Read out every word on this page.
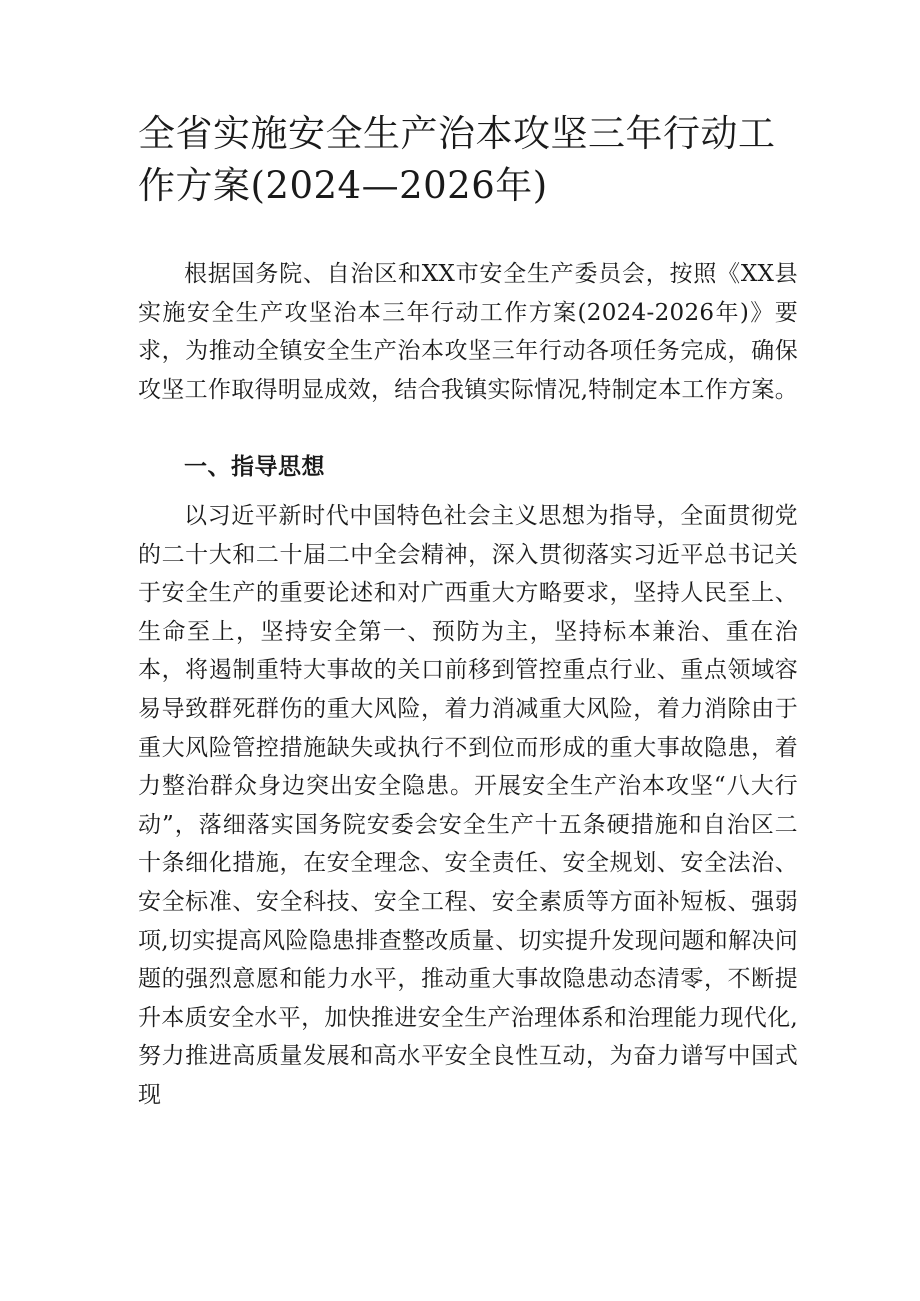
全省实施安全生产治本攻坚三年行动工作方案(2024—2026年)

根据国务院、自治区和XX市安全生产委员会，按照《XX县实施安全生产攻坚治本三年行动工作方案(2024-2026年)》要求，为推动全镇安全生产治本攻坚三年行动各项任务完成，确保攻坚工作取得明显成效，结合我镇实际情况,特制定本工作方案。

一、指导思想

以习近平新时代中国特色社会主义思想为指导，全面贯彻党的二十大和二十届二中全会精神，深入贯彻落实习近平总书记关于安全生产的重要论述和对广西重大方略要求，坚持人民至上、生命至上，坚持安全第一、预防为主，坚持标本兼治、重在治本，将遏制重特大事故的关口前移到管控重点行业、重点领域容易导致群死群伤的重大风险，着力消减重大风险，着力消除由于重大风险管控措施缺失或执行不到位而形成的重大事故隐患，着力整治群众身边突出安全隐患。开展安全生产治本攻坚“八大行动”，落细落实国务院安委会安全生产十五条硬措施和自治区二十条细化措施，在安全理念、安全责任、安全规划、安全法治、安全标准、安全科技、安全工程、安全素质等方面补短板、强弱项,切实提高风险隐患排查整改质量、切实提升发现问题和解决问题的强烈意愿和能力水平，推动重大事故隐患动态清零，不断提升本质安全水平，加快推进安全生产治理体系和治理能力现代化,努力推进高质量发展和高水平安全良性互动，为奋力谱写中国式现
